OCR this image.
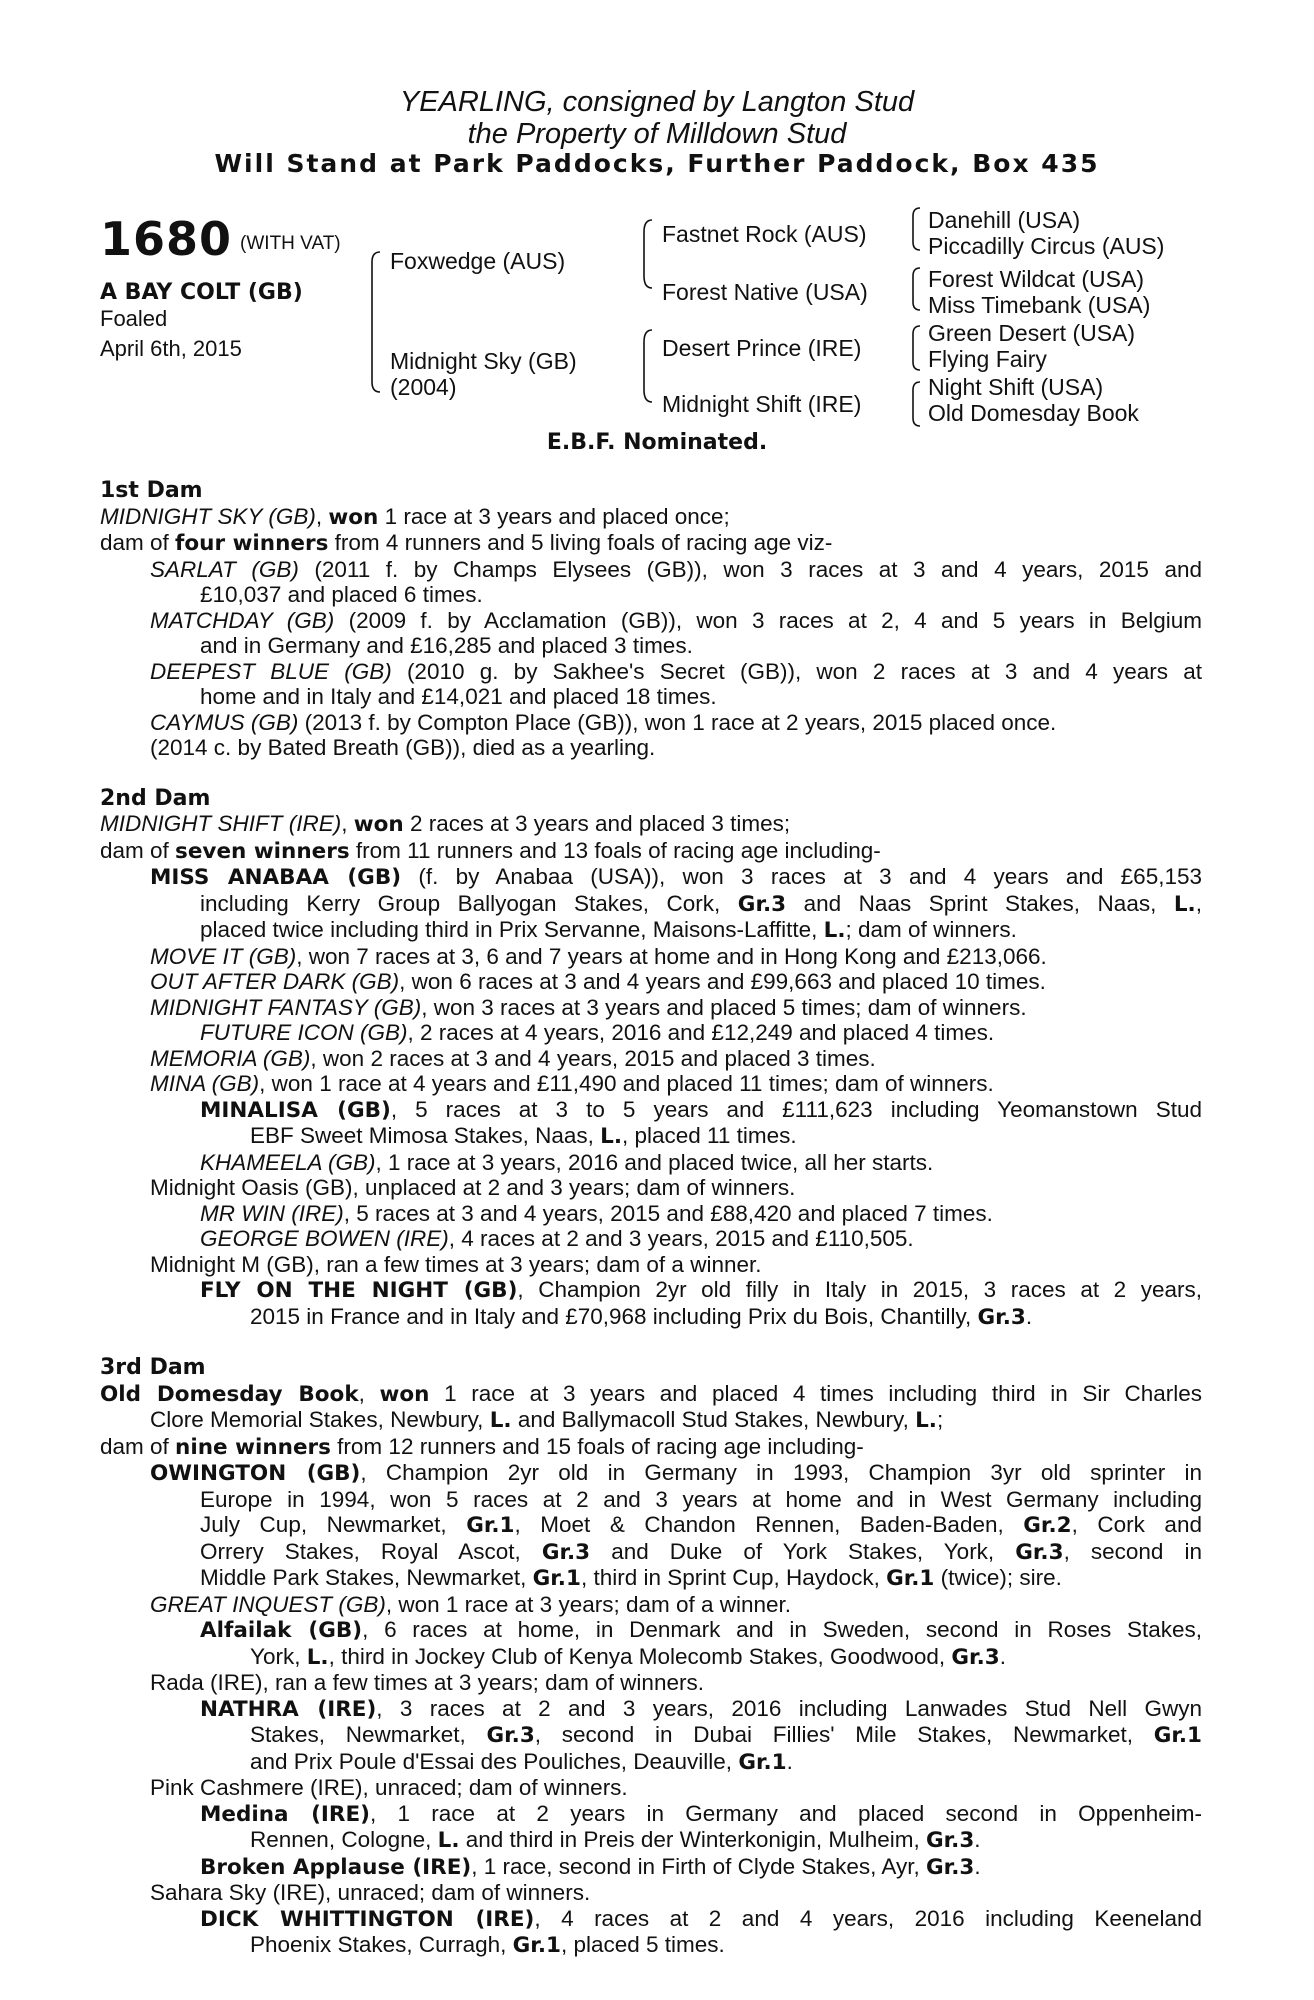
YEARLING, consigned by Langton Stud
the Property of Milldown Stud
Will Stand at Park Paddocks, Further Paddock, Box 435
1680 (WITH VAT)
A BAY COLT (GB)
Foaled
April 6th, 2015
Foxwedge (AUS)
Midnight Sky (GB)
(2004)
Fastnet Rock (AUS)
Forest Native (USA)
Desert Prince (IRE)
Midnight Shift (IRE)
Danehill (USA)
Piccadilly Circus (AUS)
Forest Wildcat (USA)
Miss Timebank (USA)
Green Desert (USA)
Flying Fairy
Night Shift (USA)
Old Domesday Book
E.B.F. Nominated.
1st Dam
MIDNIGHT SKY (GB), won 1 race at 3 years and placed once;
dam of four winners from 4 runners and 5 living foals of racing age viz-
SARLAT (GB) (2011 f. by Champs Elysees (GB)), won 3 races at 3 and 4 years, 2015 and
£10,037 and placed 6 times.
MATCHDAY (GB) (2009 f. by Acclamation (GB)), won 3 races at 2, 4 and 5 years in Belgium
and in Germany and £16,285 and placed 3 times.
DEEPEST BLUE (GB) (2010 g. by Sakhee's Secret (GB)), won 2 races at 3 and 4 years at
home and in Italy and £14,021 and placed 18 times.
CAYMUS (GB) (2013 f. by Compton Place (GB)), won 1 race at 2 years, 2015 placed once.
(2014 c. by Bated Breath (GB)), died as a yearling.
2nd Dam
MIDNIGHT SHIFT (IRE), won 2 races at 3 years and placed 3 times;
dam of seven winners from 11 runners and 13 foals of racing age including-
MISS ANABAA (GB) (f. by Anabaa (USA)), won 3 races at 3 and 4 years and £65,153
including Kerry Group Ballyogan Stakes, Cork, Gr.3 and Naas Sprint Stakes, Naas, L.,
placed twice including third in Prix Servanne, Maisons-Laffitte, L.; dam of winners.
MOVE IT (GB), won 7 races at 3, 6 and 7 years at home and in Hong Kong and £213,066.
OUT AFTER DARK (GB), won 6 races at 3 and 4 years and £99,663 and placed 10 times.
MIDNIGHT FANTASY (GB), won 3 races at 3 years and placed 5 times; dam of winners.
FUTURE ICON (GB), 2 races at 4 years, 2016 and £12,249 and placed 4 times.
MEMORIA (GB), won 2 races at 3 and 4 years, 2015 and placed 3 times.
MINA (GB), won 1 race at 4 years and £11,490 and placed 11 times; dam of winners.
MINALISA (GB), 5 races at 3 to 5 years and £111,623 including Yeomanstown Stud
EBF Sweet Mimosa Stakes, Naas, L., placed 11 times.
KHAMEELA (GB), 1 race at 3 years, 2016 and placed twice, all her starts.
Midnight Oasis (GB), unplaced at 2 and 3 years; dam of winners.
MR WIN (IRE), 5 races at 3 and 4 years, 2015 and £88,420 and placed 7 times.
GEORGE BOWEN (IRE), 4 races at 2 and 3 years, 2015 and £110,505.
Midnight M (GB), ran a few times at 3 years; dam of a winner.
FLY ON THE NIGHT (GB), Champion 2yr old filly in Italy in 2015, 3 races at 2 years,
2015 in France and in Italy and £70,968 including Prix du Bois, Chantilly, Gr.3.
3rd Dam
Old Domesday Book, won 1 race at 3 years and placed 4 times including third in Sir Charles
Clore Memorial Stakes, Newbury, L. and Ballymacoll Stud Stakes, Newbury, L.;
dam of nine winners from 12 runners and 15 foals of racing age including-
OWINGTON (GB), Champion 2yr old in Germany in 1993, Champion 3yr old sprinter in
Europe in 1994, won 5 races at 2 and 3 years at home and in West Germany including
July Cup, Newmarket, Gr.1, Moet & Chandon Rennen, Baden-Baden, Gr.2, Cork and
Orrery Stakes, Royal Ascot, Gr.3 and Duke of York Stakes, York, Gr.3, second in
Middle Park Stakes, Newmarket, Gr.1, third in Sprint Cup, Haydock, Gr.1 (twice); sire.
GREAT INQUEST (GB), won 1 race at 3 years; dam of a winner.
Alfailak (GB), 6 races at home, in Denmark and in Sweden, second in Roses Stakes,
York, L., third in Jockey Club of Kenya Molecomb Stakes, Goodwood, Gr.3.
Rada (IRE), ran a few times at 3 years; dam of winners.
NATHRA (IRE), 3 races at 2 and 3 years, 2016 including Lanwades Stud Nell Gwyn
Stakes, Newmarket, Gr.3, second in Dubai Fillies' Mile Stakes, Newmarket, Gr.1
and Prix Poule d'Essai des Pouliches, Deauville, Gr.1.
Pink Cashmere (IRE), unraced; dam of winners.
Medina (IRE), 1 race at 2 years in Germany and placed second in Oppenheim-
Rennen, Cologne, L. and third in Preis der Winterkonigin, Mulheim, Gr.3.
Broken Applause (IRE), 1 race, second in Firth of Clyde Stakes, Ayr, Gr.3.
Sahara Sky (IRE), unraced; dam of winners.
DICK WHITTINGTON (IRE), 4 races at 2 and 4 years, 2016 including Keeneland
Phoenix Stakes, Curragh, Gr.1, placed 5 times.
